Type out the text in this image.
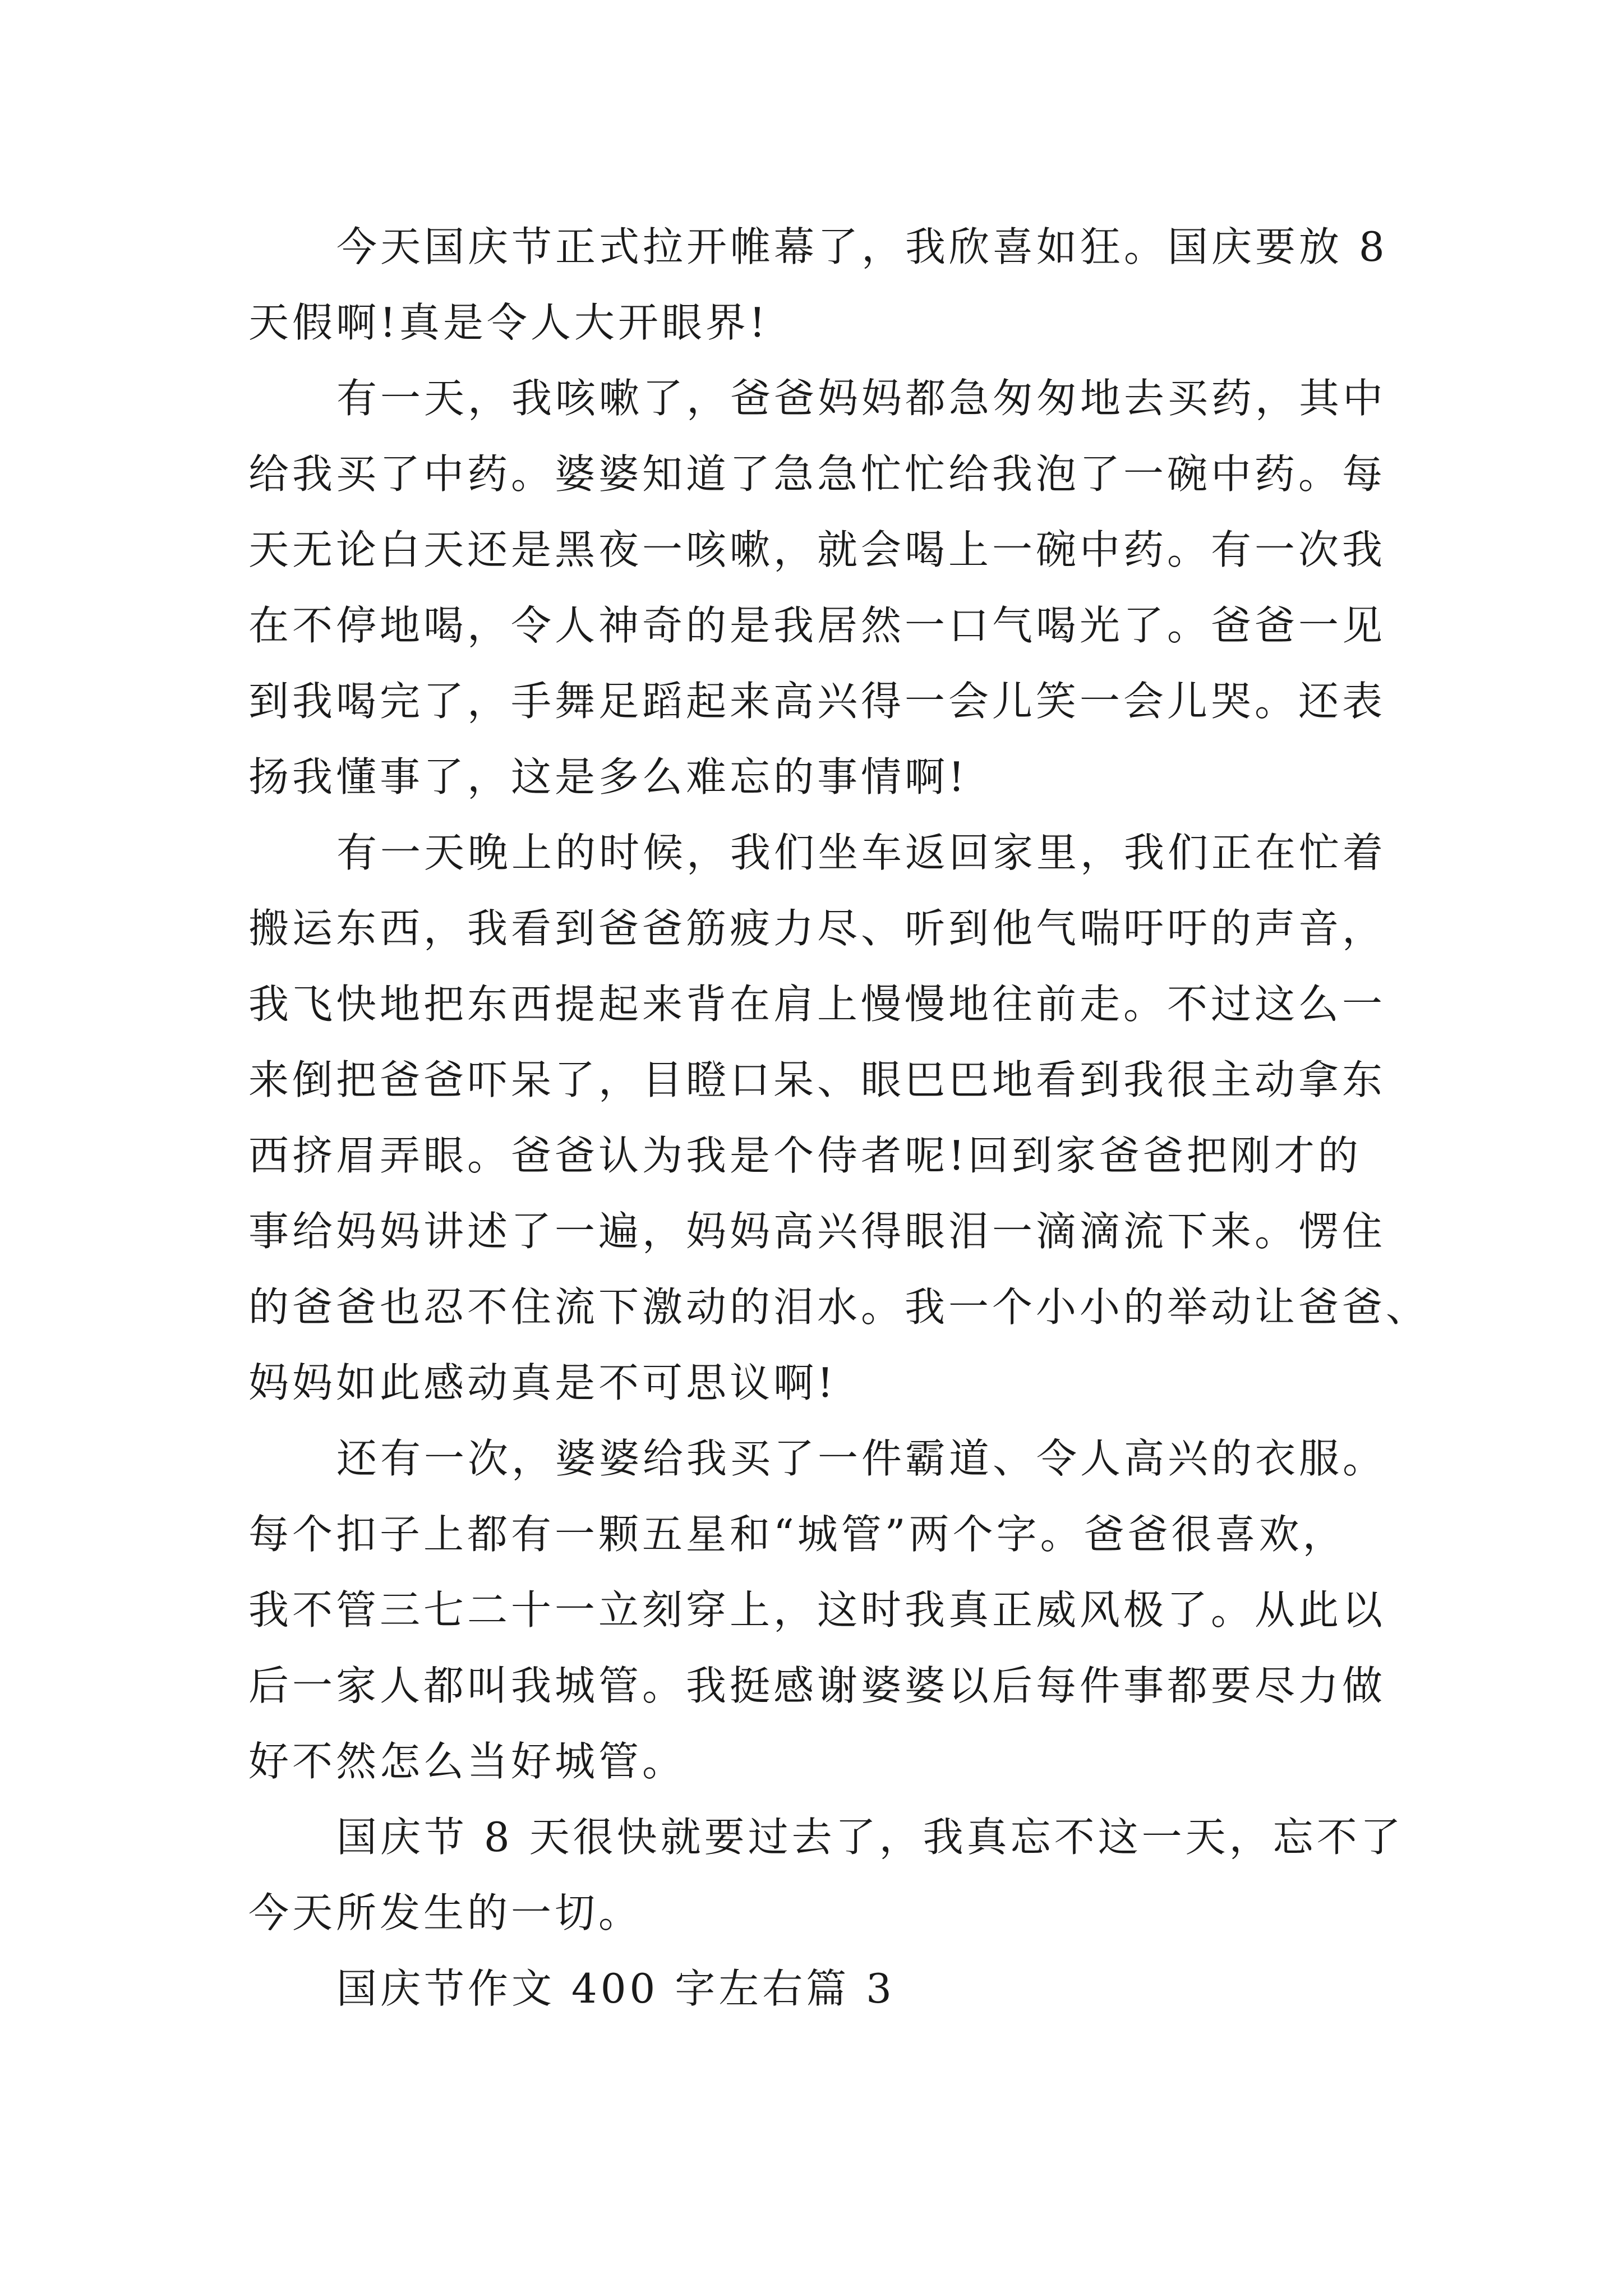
今天国庆节正式拉开帷幕了，我欣喜如狂。国庆要放 8

天假啊!真是令人大开眼界!

有一天，我咳嗽了，爸爸妈妈都急匆匆地去买药，其中

给我买了中药。婆婆知道了急急忙忙给我泡了一碗中药。每

天无论白天还是黑夜一咳嗽，就会喝上一碗中药。有一次我

在不停地喝，令人神奇的是我居然一口气喝光了。爸爸一见

到我喝完了，手舞足蹈起来高兴得一会儿笑一会儿哭。还表

扬我懂事了，这是多么难忘的事情啊!

有一天晚上的时候，我们坐车返回家里，我们正在忙着

搬运东西，我看到爸爸筋疲力尽、听到他气喘吁吁的声音，

我飞快地把东西提起来背在肩上慢慢地往前走。不过这么一

来倒把爸爸吓呆了，目瞪口呆、眼巴巴地看到我很主动拿东

西挤眉弄眼。爸爸认为我是个侍者呢!回到家爸爸把刚才的

事给妈妈讲述了一遍，妈妈高兴得眼泪一滴滴流下来。愣住

的爸爸也忍不住流下激动的泪水。我一个小小的举动让爸爸、

妈妈如此感动真是不可思议啊!

还有一次，婆婆给我买了一件霸道、令人高兴的衣服。

每个扣子上都有一颗五星和“城管”两个字。爸爸很喜欢，

我不管三七二十一立刻穿上，这时我真正威风极了。从此以

后一家人都叫我城管。我挺感谢婆婆以后每件事都要尽力做

好不然怎么当好城管。

国庆节 8 天很快就要过去了，我真忘不这一天，忘不了

今天所发生的一切。

国庆节作文 400 字左右篇 3
